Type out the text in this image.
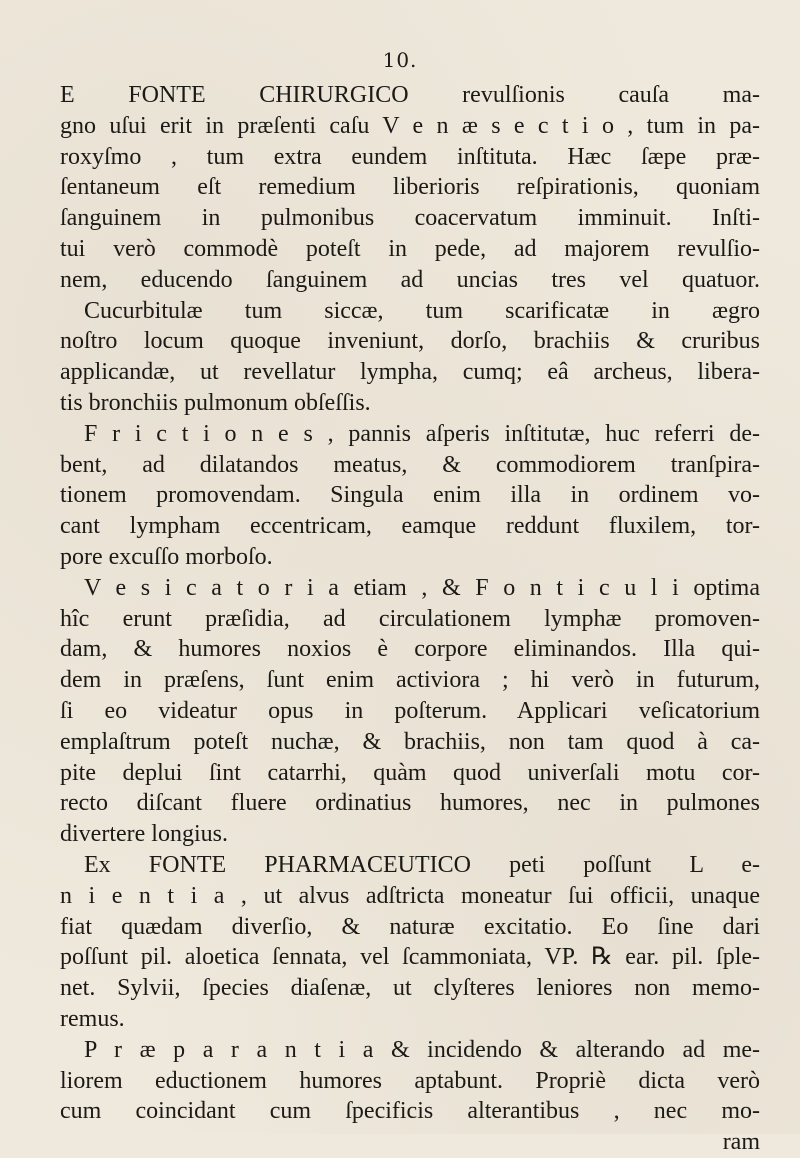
10.
E FONTE CHIRURGICO revulſionis cauſa ma-
gno uſui erit in præſenti caſu V e n æ s e c t i o , tum in pa-
roxyſmo , tum extra eundem inſtituta. Hæc ſæpe præ-
ſentaneum eſt remedium liberioris reſpirationis, quoniam
ſanguinem in pulmonibus coacervatum imminuit. Inſti-
tui verò commodè poteſt in pede, ad majorem revulſio-
nem, educendo ſanguinem ad uncias tres vel quatuor.
Cucurbitulæ tum siccæ, tum scarificatæ in ægro
noſtro locum quoque inveniunt, dorſo, brachiis & cruribus
applicandæ, ut revellatur lympha, cumq; eâ archeus, libera-
tis bronchiis pulmonum obſeſſis.
F r i c t i o n e s , pannis aſperis inſtitutæ, huc referri de-
bent, ad dilatandos meatus, & commodiorem tranſpira-
tionem promovendam. Singula enim illa in ordinem vo-
cant lympham eccentricam, eamque reddunt fluxilem, tor-
pore excuſſo morboſo.
V e s i c a t o r i a etiam , & F o n t i c u l i optima
hîc erunt præſidia, ad circulationem lymphæ promoven-
dam, & humores noxios è corpore eliminandos. Illa qui-
dem in præſens, ſunt enim activiora ; hi verò in futurum,
ſi eo videatur opus in poſterum. Applicari veſicatorium
emplaſtrum poteſt nuchæ, & brachiis, non tam quod à ca-
pite deplui ſint catarrhi, quàm quod univerſali motu cor-
recto diſcant fluere ordinatius humores, nec in pulmones
divertere longius.
Ex FONTE PHARMACEUTICO peti poſſunt L e-
n i e n t i a , ut alvus adſtricta moneatur ſui officii, unaque
fiat quædam diverſio, & naturæ excitatio. Eo ſine dari
poſſunt pil. aloetica ſennata, vel ſcammoniata, VP. ℞ ear. pil. ſple-
net. Sylvii, ſpecies diaſenæ, ut clyſteres leniores non memo-
remus.
P r æ p a r a n t i a & incidendo & alterando ad me-
liorem eductionem humores aptabunt. Propriè dicta verò
cum coincidant cum ſpecificis alterantibus , nec mo-
ram
